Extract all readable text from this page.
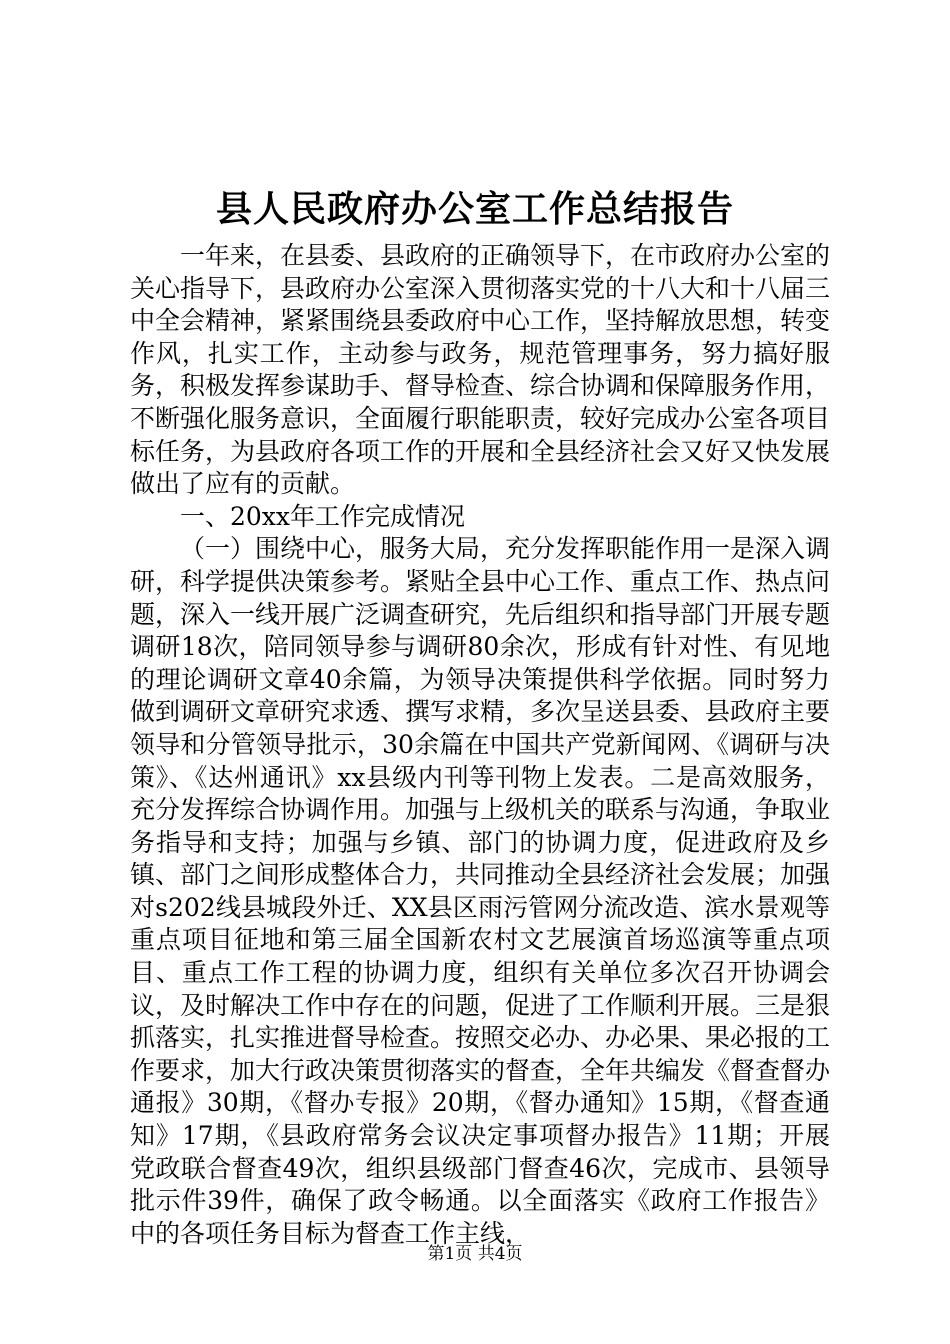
县人民政府办公室工作总结报告

一年来，在县委、县政府的正确领导下，在市政府办公室的关心指导下，县政府办公室深入贯彻落实党的十八大和十八届三中全会精神，紧紧围绕县委政府中心工作，坚持解放思想，转变作风，扎实工作，主动参与政务，规范管理事务，努力搞好服务，积极发挥参谋助手、督导检查、综合协调和保障服务作用，不断强化服务意识，全面履行职能职责，较好完成办公室各项目标任务，为县政府各项工作的开展和全县经济社会又好又快发展做出了应有的贡献。

一、20xx年工作完成情况

（一）围绕中心，服务大局，充分发挥职能作用一是深入调研，科学提供决策参考。紧贴全县中心工作、重点工作、热点问题，深入一线开展广泛调查研究，先后组织和指导部门开展专题调研18次，陪同领导参与调研80余次，形成有针对性、有见地的理论调研文章40余篇，为领导决策提供科学依据。同时努力做到调研文章研究求透、撰写求精，多次呈送县委、县政府主要领导和分管领导批示，30余篇在中国共产党新闻网、《调研与决策》、《达州通讯》xx县级内刊等刊物上发表。二是高效服务，充分发挥综合协调作用。加强与上级机关的联系与沟通，争取业务指导和支持；加强与乡镇、部门的协调力度，促进政府及乡镇、部门之间形成整体合力，共同推动全县经济社会发展；加强对s202线县城段外迁、XX县区雨污管网分流改造、滨水景观等重点项目征地和第三届全国新农村文艺展演首场巡演等重点项目、重点工作工程的协调力度，组织有关单位多次召开协调会议，及时解决工作中存在的问题，促进了工作顺利开展。三是狠抓落实，扎实推进督导检查。按照交必办、办必果、果必报的工作要求，加大行政决策贯彻落实的督查，全年共编发《督查督办通报》30期，《督办专报》20期，《督办通知》15期，《督查通知》17期，《县政府常务会议决定事项督办报告》11期；开展党政联合督查49次，组织县级部门督查46次，完成市、县领导批示件39件，确保了政令畅通。以全面落实《政府工作报告》中的各项任务目标为督查工作主线，

第1页 共4页
